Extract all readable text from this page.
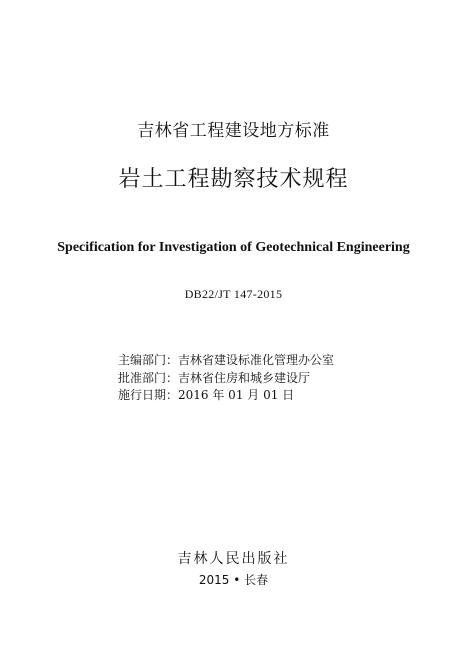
吉林省工程建设地方标准
岩土工程勘察技术规程
Specification for Investigation of Geotechnical Engineering
DB22/JT 147-2015
主编部门：吉林省建设标准化管理办公室
批准部门：吉林省住房和城乡建设厅
施行日期：2016 年 01 月 01 日
吉林人民出版社
2015 • 长春
